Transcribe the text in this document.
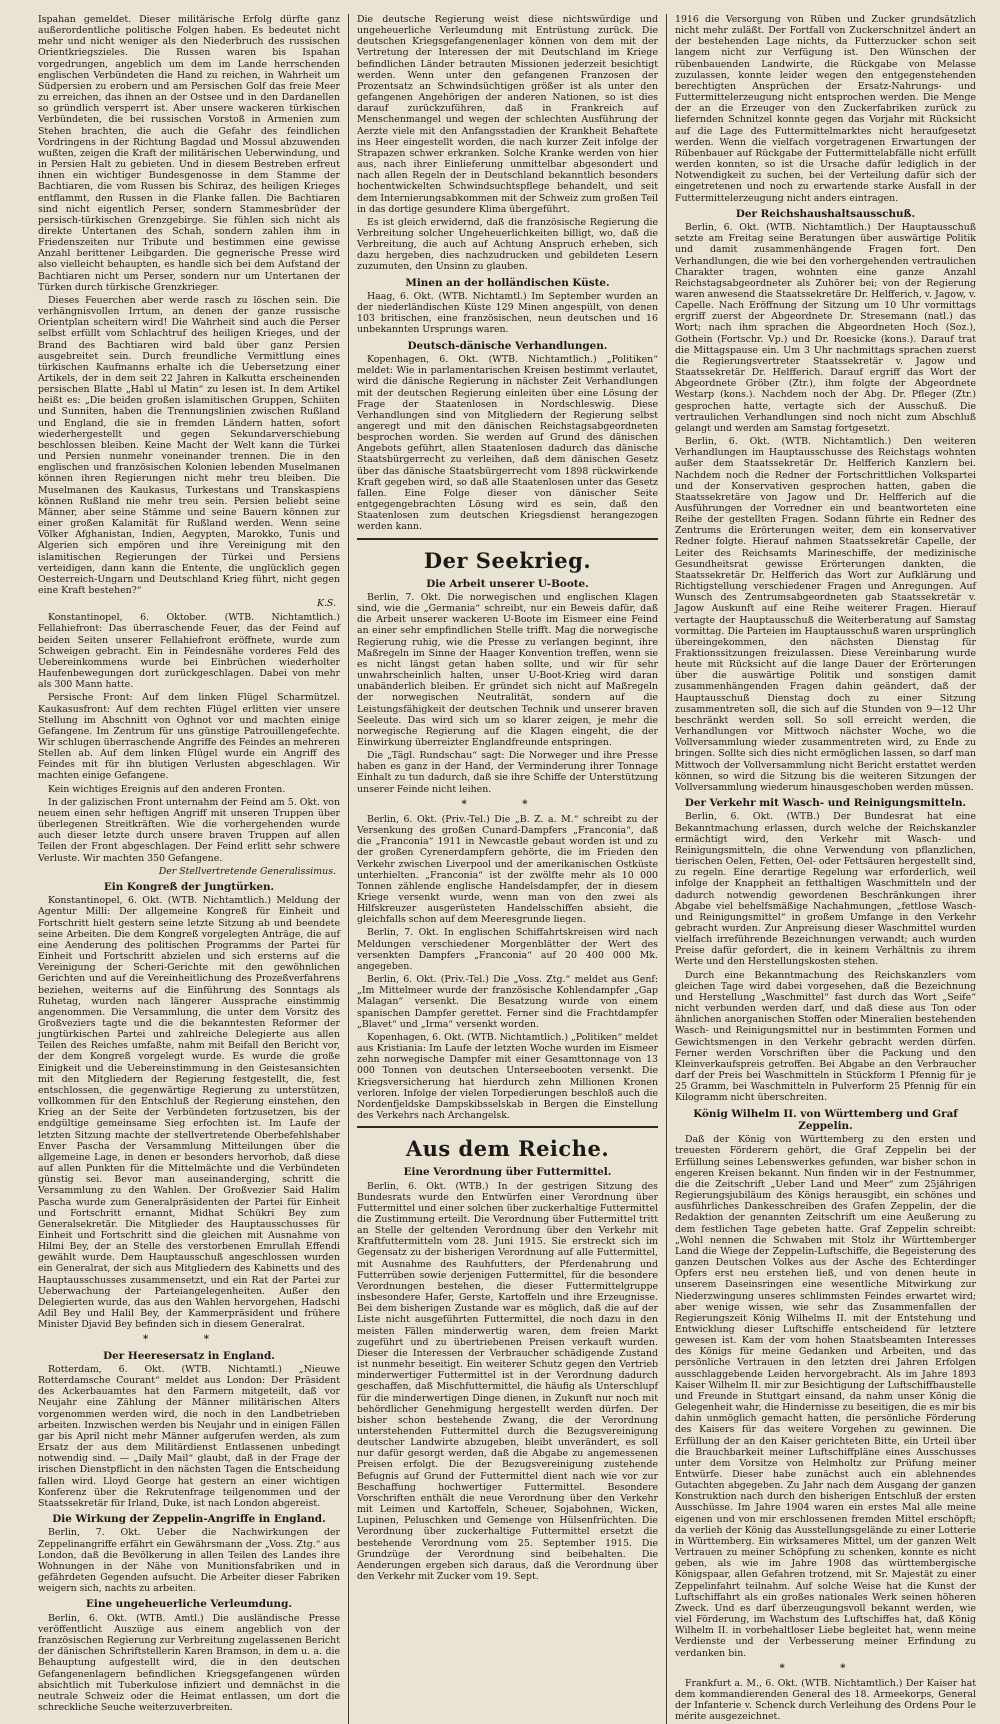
Ispahan gemeldet. Dieser militärische Erfolg dürfte ganz außerordentliche politische Folgen haben. Es bedeutet nicht mehr und nicht weniger als den Niederbruch des russischen Orientkriegszieles. Die Russen waren bis Ispahan vorgedrungen, angeblich um dem im Lande herrschenden englischen Verbündeten die Hand zu reichen, in Wahrheit um Südpersien zu erobern und am Persischen Golf das freie Meer zu erreichen, das ihnen an der Ostsee und in den Dardanellen so gründlich versperrt ist. Aber unsere wackeren türkischen Verbündeten, die bei russischen Vorstoß in Armenien zum Stehen brachten, die auch die Gefahr des feindlichen Vordringens in der Richtung Bagdad und Mossul abzuwenden wußten, zeigen die Kraft der militärischen Ueberwindung, und in Persien Halt zu gebieten. Und in diesem Bestreben erfreut ihnen ein wichtiger Bundesgenosse in dem Stamme der Bachtiaren, die vom Russen bis Schiraz, des heiligen Krieges entflammt, den Russen in die Flanke fallen. Die Bachtiaren sind nicht eigentlich Perser, sondern Stammesbrüder der persisch-türkischen Grenzgebirge. Sie fühlen sich nicht als direkte Untertanen des Schah, sondern zahlen ihm in Friedenszeiten nur Tribute und bestimmen eine gewisse Anzahl berittener Leibgarden. Die gegnerische Presse wird also vielleicht behaupten, es handle sich bei dem Aufstand der Bachtiaren nicht um Perser, sondern nur um Untertanen der Türken durch türkische Grenzkrieger.

Dieses Feuerchen aber werde rasch zu löschen sein. Die verhängnisvollen Irrtum, an denen der ganze russische Orientplan scheitern wird! Die Wahrheit sind auch die Perser selbst erfüllt vom Schlachtruf des heiligen Krieges, und der Brand des Bachtiaren wird bald über ganz Persien ausgebreitet sein. Durch freundliche Vermittlung eines türkischen Kaufmanns erhalte ich die Uebersetzung einer Artikels, der in dem seit 22 Jahren in Kalkutta erscheinenden persischen Blatte „Habl ul Matin“ zu lesen ist. In dem Artikel heißt es: „Die beiden großen islamitischen Gruppen, Schiiten und Sunniten, haben die Trennungslinien zwischen Rußland und England, die sie in fremden Ländern hatten, sofort wiederhergestellt und gegen Sekundarverschiebung beschlossen bleiben. Keine Macht der Welt kann die Türkei und Persien nunmehr voneinander trennen. Die in den englischen und französischen Kolonien lebenden Muselmanen können ihren Regierungen nicht mehr treu bleiben. Die Muselmanen des Kaukasus, Turkestans und Transkaspiens können Rußland nie mehr treu sein. Persien beliebt seine Männer, aber seine Stämme und seine Bauern können zur einer großen Kalamität für Rußland werden. Wenn seine Völker Afghanistan, Indien, Aegypten, Marokko, Tunis und Algerien sich empören und ihre Vereinigung mit den islamitischen Regierungen der Türkei und Persiens verteidigen, dann kann die Entente, die unglücklich gegen Oesterreich-Ungarn und Deutschland Krieg führt, nicht gegen eine Kraft bestehen?“

K.S.

Konstantinopel, 6. Oktober. (WTB. Nichtamtlich.) Fellahiefront: Das überraschende Feuer, das der Feind auf beiden Seiten unserer Fellahiefront eröffnete, wurde zum Schweigen gebracht. Ein in Feindesnähe vorderes Feld des Uebereinkommens wurde bei Einbrüchen wiederholter Haufenbewegungen dort zurückgeschlagen. Dabei von mehr als 300 Mann hatte.

Persische Front: Auf dem linken Flügel Scharmützel. Kaukasusfront: Auf dem rechten Flügel erlitten vier unsere Stellung im Abschnitt von Oghnot vor und machten einige Gefangene. Im Zentrum für uns günstige Patrouillengefechte. Wir schlugen überraschende Angriffe des Feindes an mehreren Stellen ab. Auf dem linken Flügel wurde ein Angriff des Feindes mit für ihn blutigen Verlusten abgeschlagen. Wir machten einige Gefangene.

Kein wichtiges Ereignis auf den anderen Fronten.

In der galizischen Front unternahm der Feind am 5. Okt. von neuem einen sehr heftigen Angriff mit unseren Truppen über überlegenen Streitkräften. Wie die vorhergehenden wurde auch dieser letzte durch unsere braven Truppen auf allen Teilen der Front abgeschlagen. Der Feind erlitt sehr schwere Verluste. Wir machten 350 Gefangene.

Der Stellvertretende Generalissimus.
Ein Kongreß der Jungtürken.

Konstantinopel, 6. Okt. (WTB. Nichtamtlich.) Meldung der Agentur Milli: Der allgemeine Kongreß für Einheit und Fortschritt hielt gestern seine letzte Sitzung ab und beendete seine Arbeiten. Die dem Kongreß vorgelegten Anträge, die auf eine Aenderung des politischen Programms der Partei für Einheit und Fortschritt abzielen und sich ersterns auf die Vereinigung der Scheri-Gerichte mit den gewöhnlichen Gerichten und auf die Vereinheitlichung des Prozeßverfahrens beziehen, weiterns auf die Einführung des Sonntags als Ruhetag, wurden nach längerer Aussprache einstimmig angenommen. Die Versammlung, die unter dem Vorsitz des Großveziers tagte und die die bekanntesten Reformer der jungtürkischen Partei und zahlreiche Delegierte aus allen Teilen des Reiches umfaßte, nahm mit Beifall den Bericht vor, der dem Kongreß vorgelegt wurde. Es wurde die große Einigkeit und die Uebereinstimmung in den Geistesansichten mit den Mitgliedern der Regierung festgestellt, die, fest entschlossen, die gegenwärtige Regierung zu unterstützen, vollkommen für den Entschluß der Regierung einstehen, den Krieg an der Seite der Verbündeten fortzusetzen, bis der endgültige gemeinsame Sieg erfochten ist. Im Laufe der letzten Sitzung machte der stellvertretende Oberbefehlshaber Enver Pascha der Versammlung Mitteilungen über die allgemeine Lage, in denen er besonders hervorhob, daß diese auf allen Punkten für die Mittelmächte und die Verbündeten günstig sei. Bevor man auseinanderging, schritt die Versammlung zu den Wahlen. Der Großvezier Said Halim Pascha wurde zum Generalpräsidenten der Partei für Einheit und Fortschritt ernannt, Midhat Schükri Bey zum Generalsekretär. Die Mitglieder des Hauptausschusses für Einheit und Fortschritt sind die gleichen mit Ausnahme von Hilmi Bey, der an Stelle des verstorbenen Emrullah Effendi gewählt wurde. Dem Hauptausschuß angeschlossen wurden ein Generalrat, der sich aus Mitgliedern des Kabinetts und des Hauptausschusses zusammensetzt, und ein Rat der Partei zur Ueberwachung der Parteiangelegenheiten. Außer den Delegierten wurde, das aus den Wahlen hervorgehen, Hadschi Adil Bey und Halil Bey, der Kammerpräsident und frühere Minister Djavid Bey befinden sich in diesem Generalrat.

* *
Der Heeresersatz in England.

Rotterdam, 6. Okt. (WTB. Nichtamtl.) „Nieuwe Rotterdamsche Courant“ meldet aus London: Der Präsident des Ackerbauamtes hat den Farmern mitgeteilt, daß vor Neujahr eine Zählung der Männer militärischen Alters vorgenommen werden wird, die noch in den Landbetrieben arbeiten. Inzwischen werden bis Neujahr und in einigen Fällen gar bis April nicht mehr Männer aufgerufen werden, als zum Ersatz der aus dem Militärdienst Entlassenen unbedingt notwendig sind. — „Daily Mail“ glaubt, daß in der Frage der irischen Dienstpflicht in den nächsten Tagen die Entscheidung fallen wird. Lloyd George hat gestern an einer wichtigen Konferenz über die Rekrutenfrage teilgenommen und der Staatssekretär für Irland, Duke, ist nach London abgereist.

Die Wirkung der Zeppelin-Angriffe in England.

Berlin, 7. Okt. Ueber die Nachwirkungen der Zeppelinangriffe erfährt ein Gewährsmann der „Voss. Ztg.“ aus London, daß die Bevölkerung in allen Teilen des Landes ihre Wohnungen in der Nähe von Munitionsfabriken und in gefährdeten Gegenden aufsucht. Die Arbeiter dieser Fabriken weigern sich, nachts zu arbeiten.

Eine ungeheuerliche Verleumdung.

Berlin, 6. Okt. (WTB. Amtl.) Die ausländische Presse veröffentlicht Auszüge aus einem angeblich von der französischen Regierung zur Verbreitung zugelassenen Bericht der dänischen Schriftstellerin Karen Bramson, in dem u. a. die Behauptung aufgestellt wird, die in den deutschen Gefangenenlagern befindlichen Kriegsgefangenen würden absichtlich mit Tuberkulose infiziert und demnächst in die neutrale Schweiz oder die Heimat entlassen, um dort die schreckliche Seuche weiterzuverbreiten.

Die deutsche Regierung weist diese nichtswürdige und ungeheuerliche Verleumdung mit Entrüstung zurück. Die deutschen Kriegsgefangenenlager können von dem mit der Vertretung der Interessen der mit Deutschland im Kriege befindlichen Länder betrauten Missionen jederzeit besichtigt werden. Wenn unter den gefangenen Franzosen der Prozentsatz an Schwindsüchtigen größer ist als unter den gefangenen Angehörigen der anderen Nationen, so ist dies darauf zurückzuführen, daß in Frankreich auf Menschenmangel und wegen der schlechten Ausführung der Aerzte viele mit den Anfangsstadien der Krankheit Behaftete ins Heer eingestellt worden, die nach kurzer Zeit infolge der Strapazen schwer erkranken. Solche Kranke werden von hier aus, nach ihrer Einlieferung unmittelbar abgesondert und nach allen Regeln der in Deutschland bekanntlich besonders hochentwickelten Schwindsuchtspflege behandelt, und seit dem Internierungsabkommen mit der Schweiz zum großen Teil in das dortige gesundere Klima übergeführt.

Es ist gleich erwidernd, daß die französische Regierung die Verbreitung solcher Ungeheuerlichkeiten billigt, wo, daß die Verbreitung, die auch auf Achtung Anspruch erheben, sich dazu hergeben, dies nachzudrucken und gebildeten Lesern zuzumuten, den Unsinn zu glauben.

Minen an der holländischen Küste.

Haag, 6. Okt. (WTB. Nichtamtl.) Im September wurden an der niederländischen Küste 129 Minen angespült, von denen 103 britischen, eine französischen, neun deutschen und 16 unbekannten Ursprungs waren.

Deutsch-dänische Verhandlungen.

Kopenhagen, 6. Okt. (WTB. Nichtamtlich.) „Politiken“ meldet: Wie in parlamentarischen Kreisen bestimmt verlautet, wird die dänische Regierung in nächster Zeit Verhandlungen mit der deutschen Regierung einleiten über eine Lösung der Frage der Staatenlosen in Nordschleswig. Diese Verhandlungen sind von Mitgliedern der Regierung selbst angeregt und mit den dänischen Reichstagsabgeordneten besprochen worden. Sie werden auf Grund des dänischen Angebots geführt, allen Staatenlosen dadurch das dänische Staatsbürgerrecht zu verleihen, daß dem dänischen Gesetz über das dänische Staatsbürgerrecht vom 1898 rückwirkende Kraft gegeben wird, so daß alle Staatenlosen unter das Gesetz fallen. Eine Folge dieser von dänischer Seite entgegengebrachten Lösung wird es sein, daß den Staatenlosen zum deutschen Kriegsdienst herangezogen werden kann.

Der Seekrieg.
Die Arbeit unserer U-Boote.

Berlin, 7. Okt. Die norwegischen und englischen Klagen sind, wie die „Germania“ schreibt, nur ein Beweis dafür, daß die Arbeit unserer wackeren U-Boote im Eismeer eine Feind an einer sehr empfindlichen Stelle trifft. Mag die norwegische Regierung ruhig, wie die Presse zu verlangen beginnt, ihre Maßregeln im Sinne der Haager Konvention treffen, wenn sie es nicht längst getan haben sollte, und wir für sehr unwahrscheinlich halten, unser U-Boot-Krieg wird daran unabänderlich bleiben. Er gründet sich nicht auf Maßregeln der norwegischen Neutralität, sondern auf die Leistungsfähigkeit der deutschen Technik und unserer braven Seeleute. Das wird sich um so klarer zeigen, je mehr die norwegische Regierung auf die Klagen eingeht, die der Einwirkung überreizter Englandfreunde entspringen.

Die „Tägl. Rundschau“ sagt: Die Norweger und ihre Presse haben es ganz in der Hand, der Verminderung ihrer Tonnage Einhalt zu tun dadurch, daß sie ihre Schiffe der Unterstützung unserer Feinde nicht leihen.

* *

Berlin, 6. Okt. (Priv.-Tel.) Die „B. Z. a. M.“ schreibt zu der Versenkung des großen Cunard-Dampfers „Franconia“, daß die „Franconia“ 1911 in Newcastle gebaut worden ist und zu der großen Cyrenerdampfern gehörte, die im Frieden den Verkehr zwischen Liverpool und der amerikanischen Ostküste unterhielten. „Franconia“ ist der zwölfte mehr als 10 000 Tonnen zählende englische Handelsdampfer, der in diesem Kriege versenkt wurde, wenn man von den zwei als Hilfskreuzer ausgerüsteten Handelsschiffen absieht, die gleichfalls schon auf dem Meeresgrunde liegen.

Berlin, 7. Okt. In englischen Schiffahrtskreisen wird nach Meldungen verschiedener Morgenblätter der Wert des versenkten Dampfers „Franconia“ auf 20 400 000 Mk. angegeben.

Berlin, 6. Okt. (Priv.-Tel.) Die „Voss. Ztg.“ meldet aus Genf: „Im Mittelmeer wurde der französische Kohlendampfer „Gap Malagan“ versenkt. Die Besatzung wurde von einem spanischen Dampfer gerettet. Ferner sind die Frachtdampfer „Blavet“ und „Irma“ versenkt worden.

Kopenhagen, 6. Okt. (WTB. Nichtamtlich.) „Politiken“ meldet aus Kristiania: Im Laufe der letzten Woche wurden im Eismeer zehn norwegische Dampfer mit einer Gesamttonnage von 13 000 Tonnen von deutschen Unterseebooten versenkt. Die Kriegsversicherung hat hierdurch zehn Millionen Kronen verloren. Infolge der vielen Torpedierungen beschloß auch die Nordenfjeldske Dampskibsselskab in Bergen die Einstellung des Verkehrs nach Archangelsk.

Aus dem Reiche.
Eine Verordnung über Futtermittel.

Berlin, 6. Okt. (WTB.) In der gestrigen Sitzung des Bundesrats wurde den Entwürfen einer Verordnung über Futtermittel und einer solchen über zuckerhaltige Futtermittel die Zustimmung erteilt. Die Verordnung über Futtermittel tritt an Stelle der geltenden Verordnung über den Verkehr mit Kraftfuttermitteln vom 28. Juni 1915. Sie erstreckt sich im Gegensatz zu der bisherigen Verordnung auf alle Futtermittel, mit Ausnahme des Rauhfutters, der Pferdenahrung und Futterrüben sowie derjenigen Futtermittel, für die besondere Verordnungen bestehen, die dieser Futtermittelgruppe insbesondere Hafer, Gerste, Kartoffeln und ihre Erzeugnisse. Bei dem bisherigen Zustande war es möglich, daß die auf der Liste nicht ausgeführten Futtermittel, die noch dazu in den meisten Fällen minderwertig waren, dem freien Markt zugeführt und zu übertriebenen Preisen verkauft wurden. Dieser die Interessen der Verbraucher schädigende Zustand ist nunmehr beseitigt. Ein weiterer Schutz gegen den Vertrieb minderwertiger Futtermittel ist in der Verordnung dadurch geschaffen, daß Mischfuttermittel, die häufig als Unterschlupf für die minderwertigen Dinge dienen, in Zukunft nur noch mit behördlicher Genehmigung hergestellt werden dürfen. Der bisher schon bestehende Zwang, die der Verordnung unterstehenden Futtermittel durch die Bezugsvereinigung deutscher Landwirte abzugeben, bleibt unverändert, es soll nur dafür gesorgt werden, daß die Abgabe zu angemessenen Preisen erfolgt. Die der Bezugsvereinigung zustehende Befugnis auf Grund der Futtermittel dient nach wie vor zur Beschaffung hochwertiger Futtermittel. Besondere Vorschriften enthält die neue Verordnung über den Verkehr mit Leimen und Kartoffeln, Scheuer, Sojabohnen, Wicken, Lupinen, Peluschken und Gemenge von Hülsenfrüchten. Die Verordnung über zuckerhaltige Futtermittel ersetzt die bestehende Verordnung vom 25. September 1915. Die Grundzüge der Verordnung sind beibehalten. Die Aenderungen ergeben sich daraus, daß die Verordnung über den Verkehr mit Zucker vom 19. Sept.

1916 die Versorgung von Rüben und Zucker grundsätzlich nicht mehr zuläßt. Der Fortfall von Zuckerschnitzel ändert an der bestehenden Lage nichts, da Futterzucker schon seit langem nicht zur Verfügung ist. Den Wünschen der rübenbauenden Landwirte, die Rückgabe von Melasse zuzulassen, konnte leider wegen den entgegenstehenden berechtigten Ansprüchen der Ersatz-Nahrungs- und Futtermittelerzeugung nicht entsprochen werden. Die Menge der an die Erzeuger von den Zuckerfabriken zurück zu liefernden Schnitzel konnte gegen das Vorjahr mit Rücksicht auf die Lage des Futtermittelmarktes nicht heraufgesetzt werden. Wenn die vielfach vorgetragenen Erwartungen der Rübenbauer auf Rückgabe der Futtermittelabfälle nicht erfüllt werden konnten, so ist die Ursache dafür lediglich in der Notwendigkeit zu suchen, bei der Verteilung dafür sich der eingetretenen und noch zu erwartende starke Ausfall in der Futtermittelerzeugung nicht anders eintragen.

Der Reichshaushaltsausschuß.

Berlin, 6. Okt. (WTB. Nichtamtlich.) Der Hauptausschuß setzte am Freitag seine Beratungen über auswärtige Politik und damit zusammenhängende Fragen fort. Den Verhandlungen, die wie bei den vorhergehenden vertraulichen Charakter tragen, wohnten eine ganze Anzahl Reichstagsabgeordneter als Zuhörer bei; von der Regierung waren anwesend die Staatssekretäre Dr. Helfferich, v. Jagow, v. Capelle. Nach Eröffnung der Sitzung um 10 Uhr vormittags ergriff zuerst der Abgeordnete Dr. Stresemann (natl.) das Wort; nach ihm sprachen die Abgeordneten Hoch (Soz.), Gothein (Fortschr. Vp.) und Dr. Roesicke (kons.). Darauf trat die Mittagspause ein. Um 3 Uhr nachmittags sprachen zuerst die Regierungsvertreter Staatssekretär v. Jagow und Staatssekretär Dr. Helfferich. Darauf ergriff das Wort der Abgeordnete Gröber (Ztr.), ihm folgte der Abgeordnete Westarp (kons.). Nachdem noch der Abg. Dr. Pfleger (Ztr.) gesprochen hatte, vertagte sich der Ausschuß. Die vertraulichen Verhandlungen sind noch nicht zum Abschluß gelangt und werden am Samstag fortgesetzt.

Berlin, 6. Okt. (WTB. Nichtamtlich.) Den weiteren Verhandlungen im Hauptausschusse des Reichstags wohnten außer dem Staatssekretär Dr. Helfferich Kanzlern bei. Nachdem noch die Redner der Fortschrittlichen Volkspartei und der Konservativen gesprochen hatten, gaben die Staatssekretäre von Jagow und Dr. Helfferich auf die Ausführungen der Vorredner ein und beantworteten eine Reihe der gestellten Fragen. Sodann führte ein Redner des Zentrums die Erörterungen weiter, dem ein konservativer Redner folgte. Hierauf nahmen Staatssekretär Capelle, der Leiter des Reichsamts Marineschiffe, der medizinische Gesundheitsrat gewisse Erörterungen dankten, die Staatssekretär Dr. Helfferich das Wort zur Aufklärung und Richtigstellung verschiedener Fragen und Anregungen. Auf Wunsch des Zentrumsabgeordneten gab Staatssekretär v. Jagow Auskunft auf eine Reihe weiterer Fragen. Hierauf vertagte der Hauptausschuß die Weiterberatung auf Samstag vormittag. Die Parteien im Hauptausschuß waren ursprünglich übereingekommen, den nächsten Dienstag für Fraktionssitzungen freizulassen. Diese Vereinbarung wurde heute mit Rücksicht auf die lange Dauer der Erörterungen über die auswärtige Politik und sonstigen damit zusammenhängenden Fragen dahin geändert, daß der Hauptausschuß Dienstag doch zu einer Sitzung zusammentreten soll, die sich auf die Stunden von 9—12 Uhr beschränkt werden soll. So soll erreicht werden, die Verhandlungen vor Mittwoch nächster Woche, wo die Vollversammlung wieder zusammentreten wird, zu Ende zu bringen. Sollte sich dies nicht ermöglichen lassen, so darf man Mittwoch der Vollversammlung nicht Bericht erstattet werden können, so wird die Sitzung bis die weiteren Sitzungen der Vollversammlung wiederum hinausgeschoben werden müssen.

Der Verkehr mit Wasch- und Reinigungsmitteln.

Berlin, 6. Okt. (WTB.) Der Bundesrat hat eine Bekanntmachung erlassen, durch welche der Reichskanzler ermächtigt wird, den Verkehr mit Wasch- und Reinigungsmitteln, die ohne Verwendung von pflanzlichen, tierischen Oelen, Fetten, Oel- oder Fettsäuren hergestellt sind, zu regeln. Eine derartige Regelung war erforderlich, weil infolge der Knappheit an fetthaltigen Waschmitteln und der dadurch notwendig gewordenen Beschränkungen ihrer Abgabe viel behelfsmäßige Nachahmungen, „fettlose Wasch- und Reinigungsmittel“ in großem Umfange in den Verkehr gebracht wurden. Zur Anpreisung dieser Waschmittel wurden vielfach irreführende Bezeichnungen verwandt; auch wurden Preise dafür gefordert, die in keinem Verhältnis zu ihrem Werte und den Herstellungskosten stehen.

Durch eine Bekanntmachung des Reichskanzlers vom gleichen Tage wird dabei vorgesehen, daß die Bezeichnung und Herstellung „Waschmittel“ fast durch das Wort „Seife“ nicht verbunden werden darf, und daß diese aus Ton oder ähnlichen anorganischen Stoffen oder Mineralien bestehenden Wasch- und Reinigungsmittel nur in bestimmten Formen und Gewichtsmengen in den Verkehr gebracht werden dürfen. Ferner werden Vorschriften über die Packung und den Kleinverkaufspreis getroffen. Bei Abgabe an den Verbraucher darf der Preis bei Waschmitteln in Stückform 1 Pfennig für je 25 Gramm, bei Waschmitteln in Pulverform 25 Pfennig für ein Kilogramm nicht überschreiten.

König Wilhelm II. von Württemberg und Graf Zeppelin.

Daß der König von Württemberg zu den ersten und treuesten Förderern gehört, die Graf Zeppelin bei der Erfüllung seines Lebenswerkes gefunden, war bisher schon in engeren Kreisen bekannt. Nun finden wir in der Festnummer, die die Zeitschrift „Ueber Land und Meer“ zum 25jährigen Regierungsjubiläum des Königs herausgibt, ein schönes und ausführliches Dankesschreiben des Grafen Zeppelin, der die Redaktion der genannten Zeitschrift um eine Aeußerung zu dem festlichen Tage gebeten hatte. Graf Zeppelin schreibt: „Wohl nennen die Schwaben mit Stolz ihr Württemberger Land die Wiege der Zeppelin-Luftschiffe, die Begeisterung des ganzen Deutschen Volkes aus der Asche des Echterdinger Opfers erst neu erstehen ließ, und von denen heute in unserem Daseinsringen eine wesentliche Mitwirkung zur Niederzwingung unseres schlimmsten Feindes erwartet wird; aber wenige wissen, wie sehr das Zusammenfallen der Regierungszeit König Wilhelms II. mit der Entstehung und Entwicklung dieser Luftschiffe entscheidend für letztere gewesen ist. Kam der vom hohen Staatsbeamten Interesses des Königs für meine Gedanken und Arbeiten, und das persönliche Vertrauen in den letzten drei Jahren Erfolgen ausschlaggebende Leiden hervorgebracht. Als im Jahre 1893 Kaiser Wilhelm II. mir zur Besichtigung der Luftschiffbaustelle und Freunde in Stuttgart einsand, da nahm unser König die Gelegenheit wahr, die Hindernisse zu beseitigen, die es mir bis dahin unmöglich gemacht hatten, die persönliche Förderung des Kaisers für das weitere Vorgehen zu gewinnen. Die Erfüllung der an den Kaiser gerichteten Bitte, ein Urteil über die Brauchbarkeit meiner Luftschiffpläne eines Ausschusses unter dem Vorsitze von Helmholtz zur Prüfung meiner Entwürfe. Dieser habe zunächst auch ein ablehnendes Gutachten abgegeben. Zu Jahr nach dem Ausgang der ganzen Konstruktion nach durch den bisherigen Entschluß der ersten Ausschüsse. Im Jahre 1904 waren ein erstes Mal alle meine eigenen und von mir erschlossenen fremden Mittel erschöpft; da verlieh der König das Ausstellungsgelände zu einer Lotterie in Württemberg. Ein wirksameres Mittel, um der ganzen Welt Vertrauen zu meiner Schöpfung zu schenken, konnte es nicht geben, als wie im Jahre 1908 das württembergische Königspaar, allen Gefahren trotzend, mit Sr. Majestät zu einer Zeppelinfahrt teilnahm. Auf solche Weise hat die Kunst der Luftschiffahrt als ein großes nationales Werk seinen höheren Zweck. Und es darf überzeugungsvoll bekannt werden, wie viel Förderung, im Wachstum des Luftschiffes hat, daß König Wilhelm II. in vorbehaltloser Liebe begleitet hat, wenn meine Verdienste und der Verbesserung meiner Erfindung zu verdanken bin.

* *

Frankfurt a. M., 6. Okt. (WTB. Nichtamtlich.) Der Kaiser hat dem kommandierenden General des 18. Armeekorps, General der Infanterie v. Schenck durch Verleihung des Ordens Pour le mérite ausgezeichnet.
